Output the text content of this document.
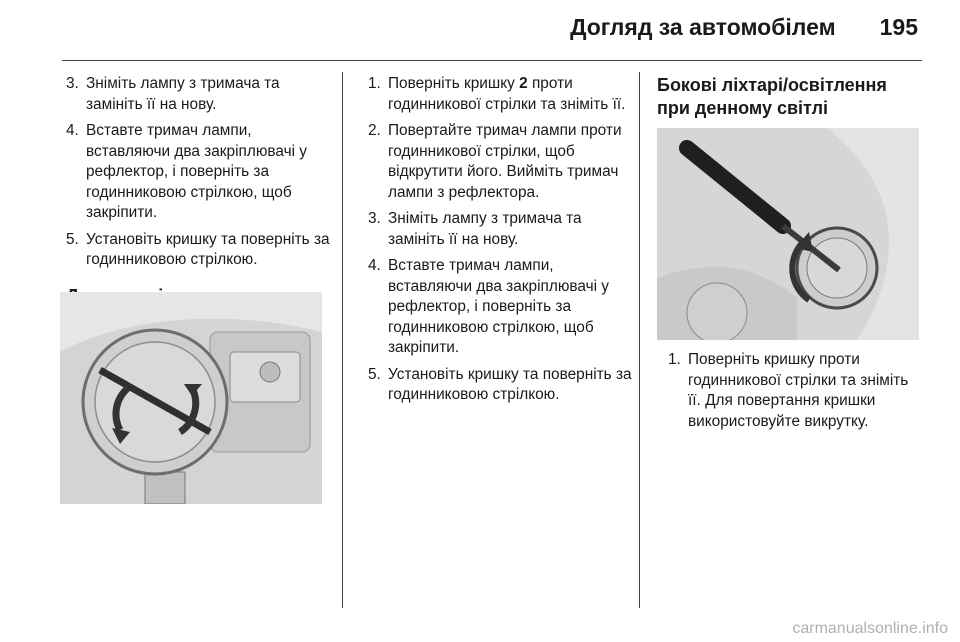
Догляд за автомобілем 195
3. Зніміть лампу з тримача та замініть її на нову.
4. Вставте тримач лампи, вставляючи два закріплювачі у рефлектор, і поверніть за годинниковою стрілкою, щоб закріпити.
5. Установіть кришку та поверніть за годинниковою стрілкою.
1. Поверніть кришку 2 проти годинникової стрілки та зніміть її.
2. Повертайте тримач лампи проти годинникової стрілки, щоб відкрутити його. Вийміть тримач лампи з рефлектора.
3. Зніміть лампу з тримача та замініть її на нову.
4. Вставте тримач лампи, вставляючи два закріплювачі у рефлектор, і поверніть за годинниковою стрілкою, щоб закріпити.
5. Установіть кришку та поверніть за годинниковою стрілкою.
Бокові ліхтарі/освітлення при денному світлі
1. Поверніть кришку проти годинникової стрілки та зніміть її. Для повертання кришки використовуйте викрутку.
carmanualsonline.info
